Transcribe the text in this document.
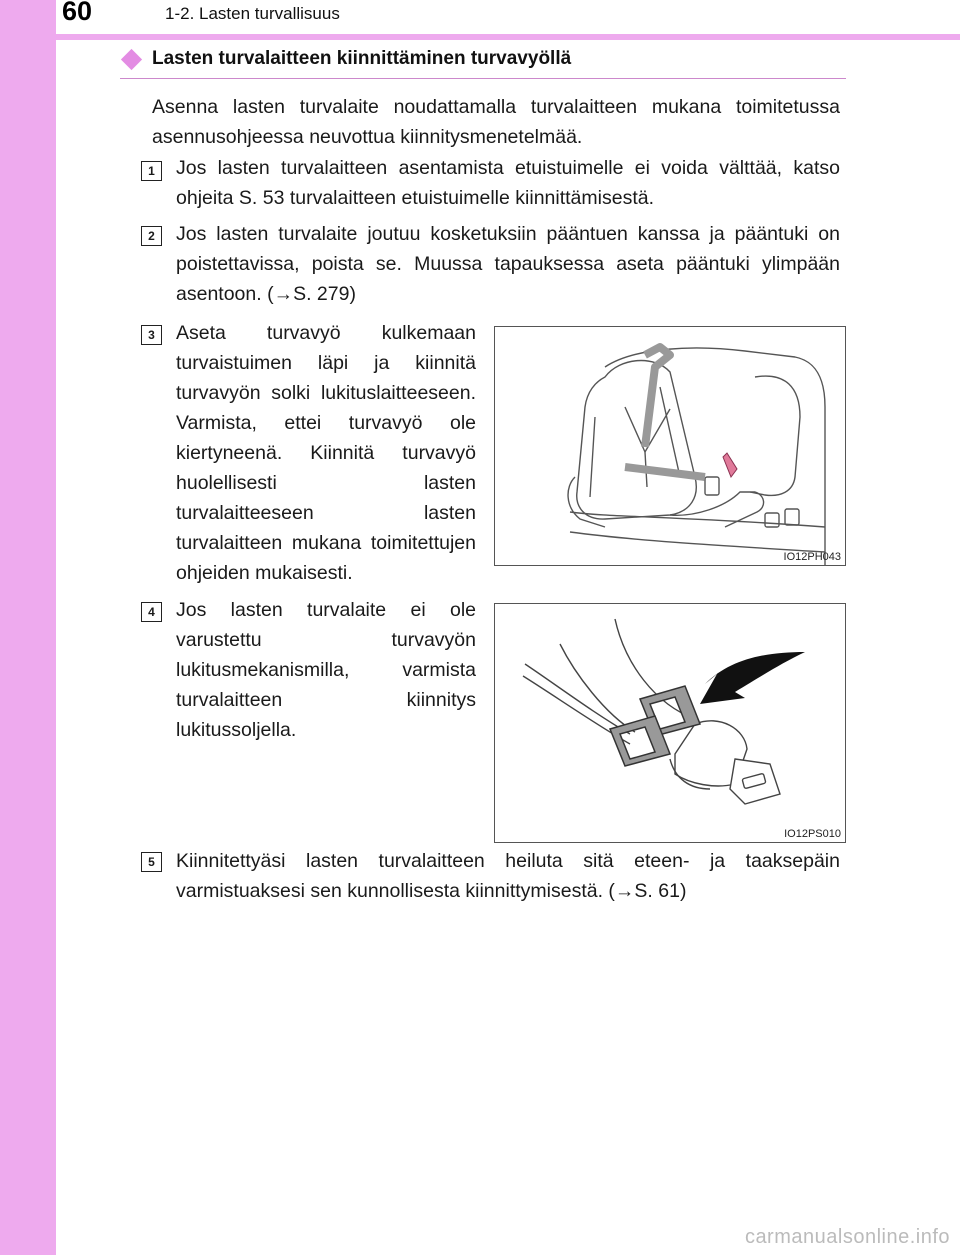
60	1-2. Lasten turvallisuus
Lasten turvalaitteen kiinnittäminen turvavyöllä
Asenna lasten turvalaite noudattamalla turvalaitteen mukana toimitetussa asennusohjeessa neuvottua kiinnitysmenetelmää.
1	Jos lasten turvalaitteen asentamista etuistuimelle ei voida välttää, katso ohjeita S. 53 turvalaitteen etuistuimelle kiinnittämisestä.
2	Jos lasten turvalaite joutuu kosketuksiin pääntuen kanssa ja pääntuki on poistettavissa, poista se. Muussa tapauksessa aseta pääntuki ylimpään asentoon. (→S. 279)
3	Aseta turvavyö kulkemaan turvaistuimen läpi ja kiinnitä turvavyön solki lukituslaitteeseen. Varmista, ettei turvavyö ole kiertyneenä. Kiinnitä turvavyö huolellisesti lasten turvalaitteeseen lasten turvalaitteen mukana toimitettujen ohjeiden mukaisesti.
IO12PH043
4	Jos lasten turvalaite ei ole varustettu turvavyön lukitusmekanismilla, varmista turvalaitteen kiinnitys lukitussoljella.
IO12PS010
5	Kiinnitettyäsi lasten turvalaitteen heiluta sitä eteen- ja taaksepäin varmistuaksesi sen kunnollisesta kiinnittymisestä. (→S. 61)
carmanualsonline.info
